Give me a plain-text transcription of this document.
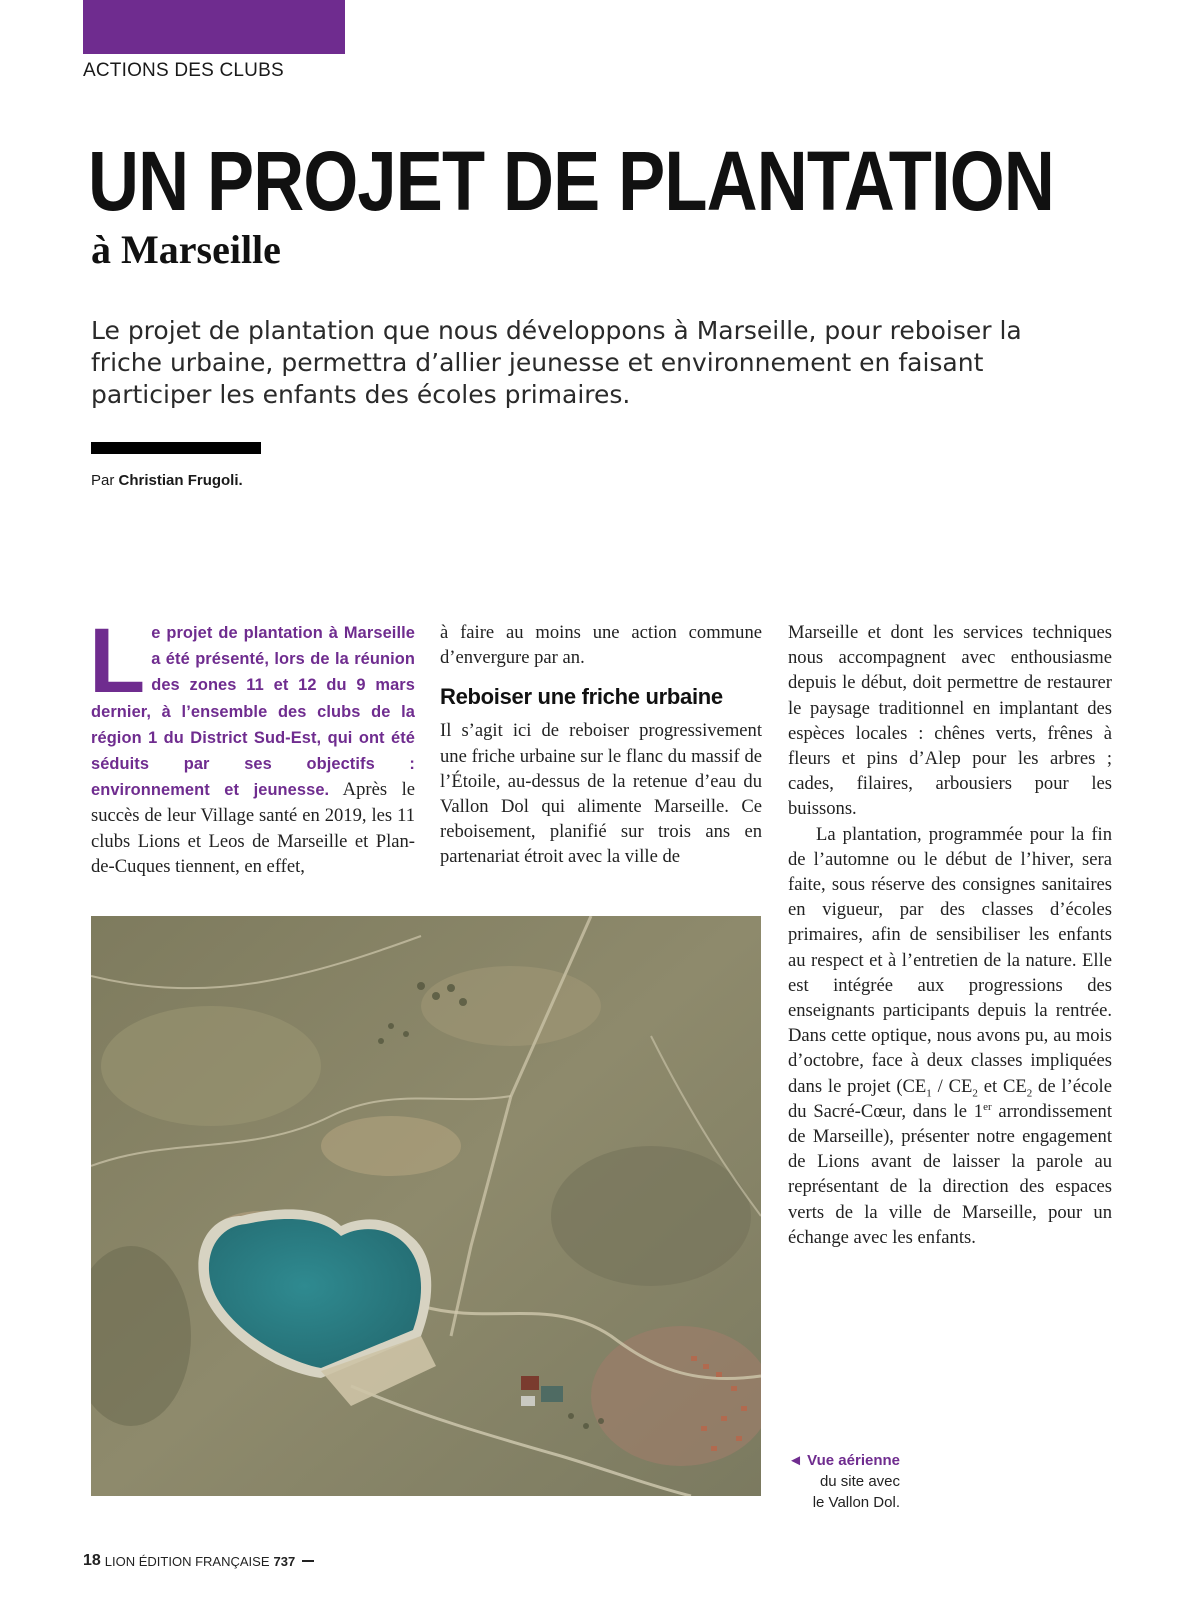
ACTIONS DES CLUBS
UN PROJET DE PLANTATION
à Marseille

Le projet de plantation que nous développons à Marseille, pour reboiser la friche urbaine, permettra d’allier jeunesse et environnement en faisant participer les enfants des écoles primaires.

Par Christian Frugoli.

Le projet de plantation à Marseille a été présenté, lors de la réunion des zones 11 et 12 du 9 mars dernier, à l’ensemble des clubs de la région 1 du District Sud-Est, qui ont été séduits par ses objectifs : environnement et jeunesse. Après le succès de leur Village santé en 2019, les 11 clubs Lions et Leos de Marseille et Plan-de-Cuques tiennent, en effet,

à faire au moins une action commune d’envergure par an.

Reboiser une friche urbaine

Il s’agit ici de reboiser progressivement une friche urbaine sur le flanc du massif de l’Étoile, au-dessus de la retenue d’eau du Vallon Dol qui alimente Marseille. Ce reboisement, planifié sur trois ans en partenariat étroit avec la ville de

Marseille et dont les services techniques nous accompagnent avec enthousiasme depuis le début, doit permettre de restaurer le paysage traditionnel en implantant des espèces locales : chênes verts, frênes à fleurs et pins d’Alep pour les arbres ; cades, filaires, arbousiers pour les buissons.

La plantation, programmée pour la fin de l’automne ou le début de l’hiver, sera faite, sous réserve des consignes sanitaires en vigueur, par des classes d’écoles primaires, afin de sensibiliser les enfants au respect et à l’entretien de la nature. Elle est intégrée aux progressions des enseignants participants depuis la rentrée. Dans cette optique, nous avons pu, au mois d’octobre, face à deux classes impliquées dans le projet ($CE_1 / CE_2$ et $CE_2$ de l’école du Sacré-Cœur, dans le 1er arrondissement de Marseille), présenter notre engagement de Lions avant de laisser la parole au représentant de la direction des espaces verts de la ville de Marseille, pour un échange avec les enfants.

◄ Vue aérienne
du site avec
le Vallon Dol.
18 LION ÉDITION FRANÇAISE 737
